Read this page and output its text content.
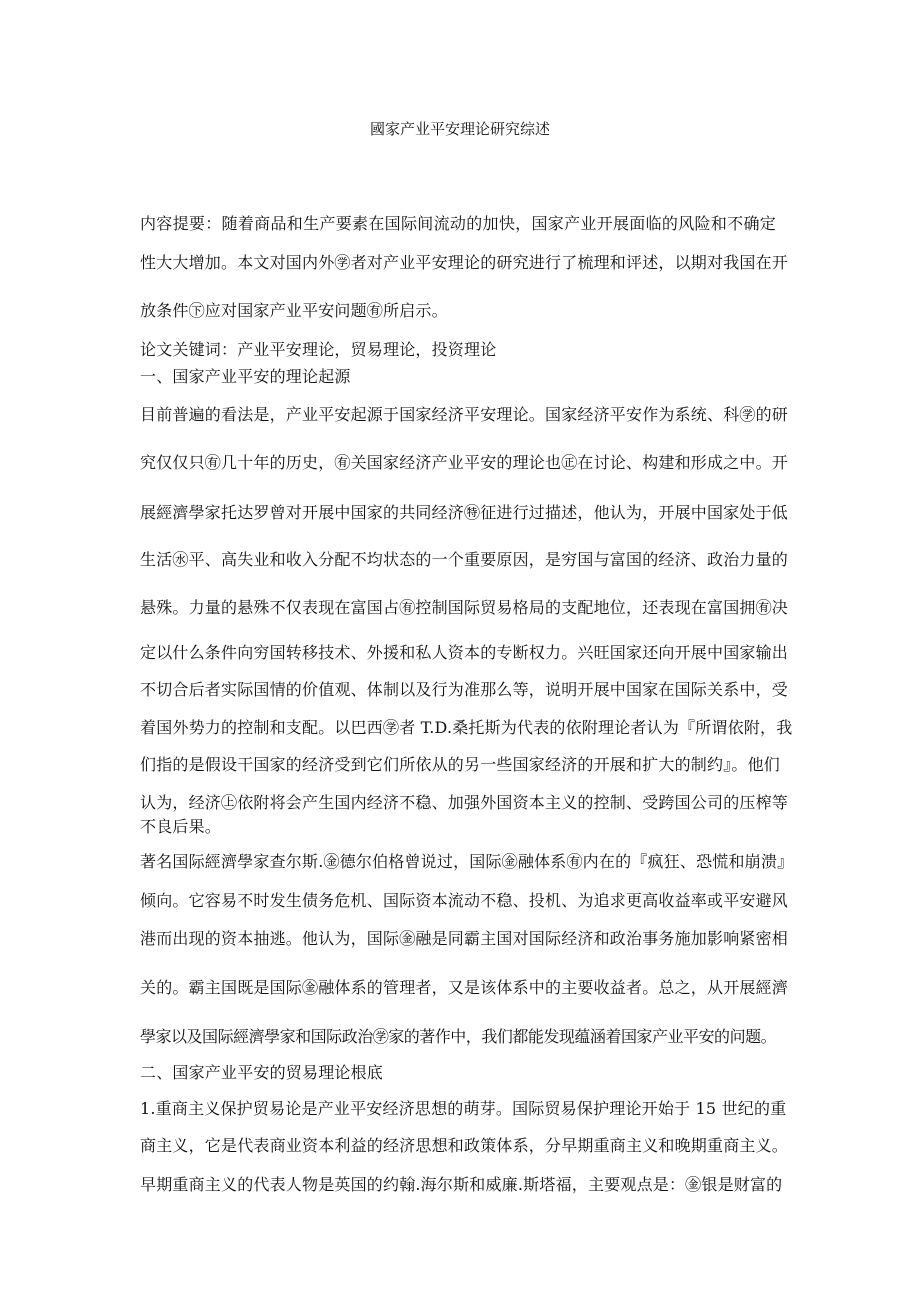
國家产业平安理论研究综述
内容提要：随着商品和生产要素在国际间流动的加快，国家产业开展面临的风险和不确定
性大大增加。本文对国内外㊫者对产业平安理论的研究进行了梳理和评述，以期对我国在开
放条件㊦应对国家产业平安问题㊒所启示。
论文关键词：产业平安理论，贸易理论，投资理论
一、国家产业平安的理论起源
目前普遍的看法是，产业平安起源于国家经济平安理论。国家经济平安作为系统、科㊫的研
究仅仅只㊒几十年的历史，㊒关国家经济产业平安的理论也㊣在讨论、构建和形成之中。开
展經濟學家托达罗曾对开展中国家的共同经济㊕征进行过描述，他认为，开展中国家处于低
生活㊌平、高失业和收入分配不均状态的一个重要原因，是穷国与富国的经济、政治力量的
悬殊。力量的悬殊不仅表现在富国占㊒控制国际贸易格局的支配地位，还表现在富国拥㊒决
定以什么条件向穷国转移技术、外援和私人资本的专断权力。兴旺国家还向开展中国家输出
不切合后者实际国情的价值观、体制以及行为准那么等，说明开展中国家在国际关系中，受
着国外势力的控制和支配。以巴西㊫者 T.D.桑托斯为代表的依附理论者认为『所谓依附，我
们指的是假设干国家的经济受到它们所依从的另一些国家经济的开展和扩大的制约』。他们
认为，经济㊤依附将会产生国内经济不稳、加强外国资本主义的控制、受跨国公司的压榨等
不良后果。
著名国际經濟學家查尔斯.㊎德尔伯格曾说过，国际㊎融体系㊒内在的『疯狂、恐慌和崩溃』
倾向。它容易不时发生债务危机、国际资本流动不稳、投机、为追求更高收益率或平安避风
港而出现的资本抽逃。他认为，国际㊎融是同霸主国对国际经济和政治事务施加影响紧密相
关的。霸主国既是国际㊎融体系的管理者，又是该体系中的主要收益者。总之，从开展經濟
學家以及国际經濟學家和国际政治㊫家的著作中，我们都能发现蕴涵着国家产业平安的问题。
二、国家产业平安的贸易理论根底
1.重商主义保护贸易论是产业平安经济思想的萌芽。国际贸易保护理论开始于 15 世纪的重
商主义，它是代表商业资本利益的经济思想和政策体系，分早期重商主义和晚期重商主义。
早期重商主义的代表人物是英国的约翰.海尔斯和威廉.斯塔福，主要观点是：㊎银是财富的
